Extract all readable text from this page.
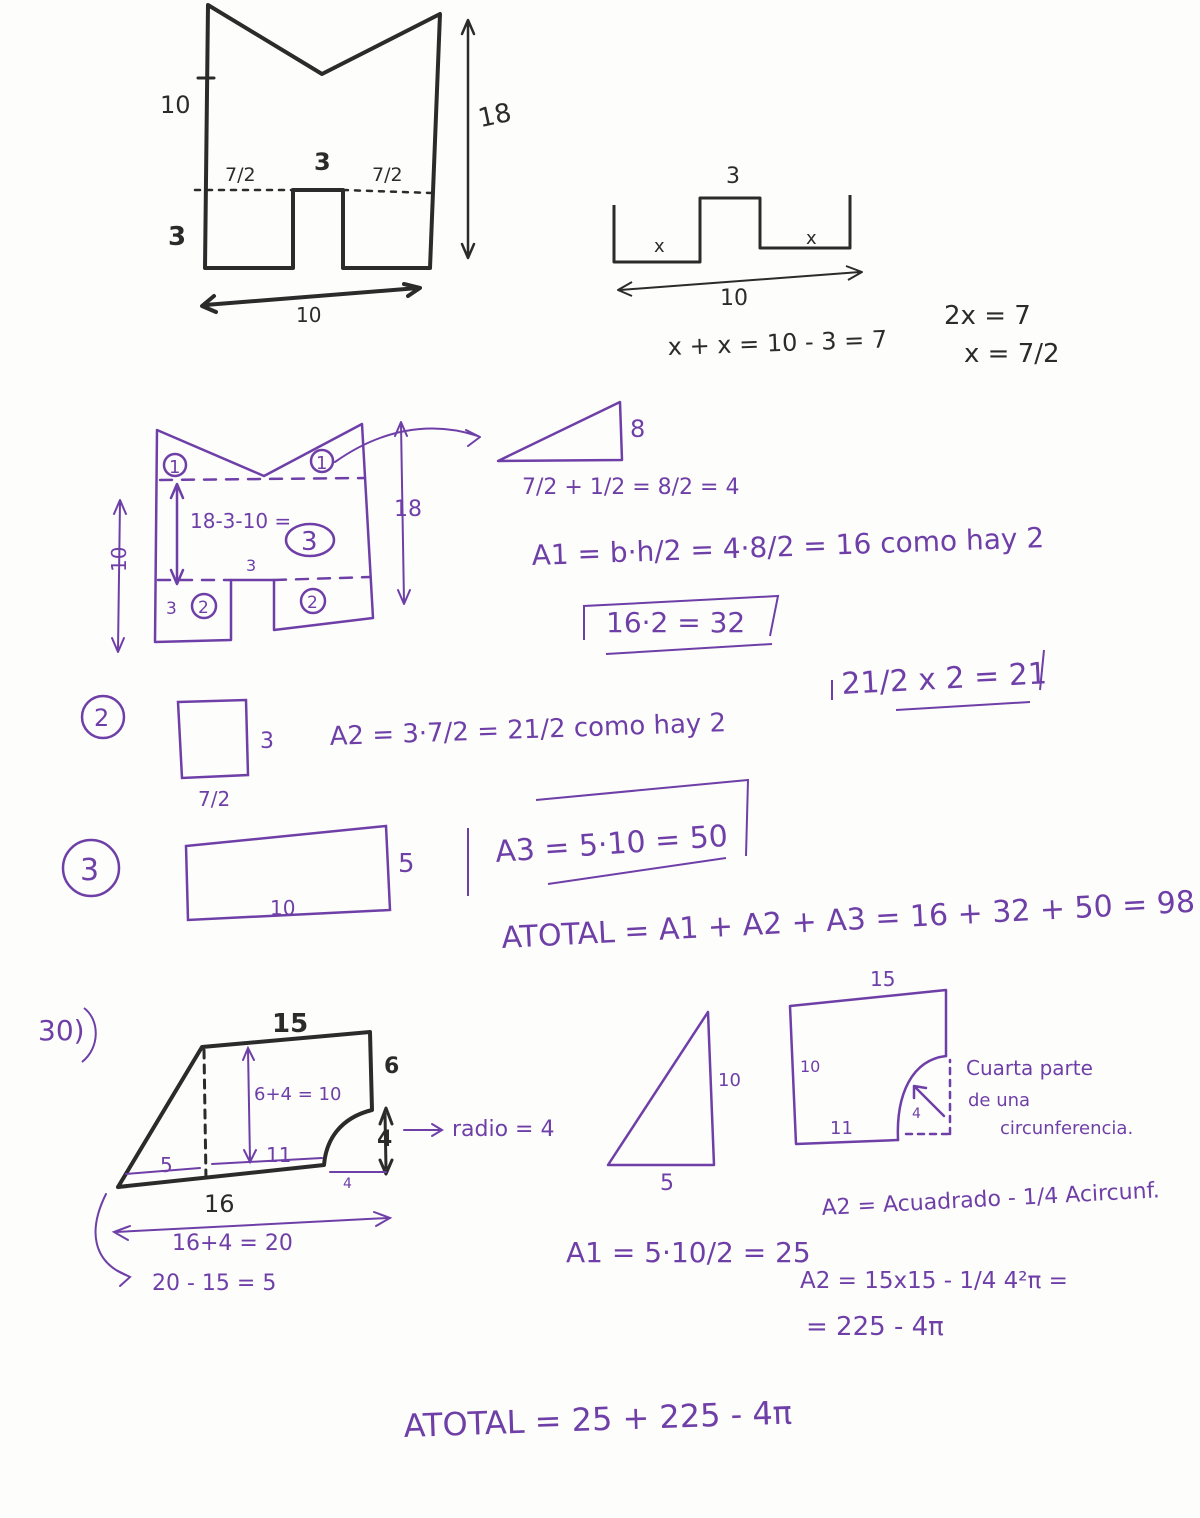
10
3
18
7/2 3 7/2
10
3
x	x
10
x + x = 10 - 3 = 7
2x = 7
x = 7/2
1	1
18-3-10 =
3
3
3 2	2
18
10
8
7/2 + 1/2 = 8/2 = 4
A1 = b·h/2 = 4·8/2 = 16 como hay 2
16·2 = 32
2
3
7/2
A2 = 3·7/2 = 21/2 como hay 2
21/2 x 2 = 21
3	5
10
A3 = 5·10 = 50
ATOTAL = A1 + A2 + A3 = 16 + 32 + 50 = 98
30)	15
6
6+4 = 10
4	radio = 4
5	11
4
16
16+4 = 20
20 - 15 = 5
10
5
15
10
11
4
Cuarta parte
de una
circunferencia.
A1 = 5·10/2 = 25
A2 = Acuadrado - 1/4 Acircunf.
A2 = 15x15 - 1/4 4²π =
= 225 - 4π
ATOTAL = 25 + 225 - 4π
